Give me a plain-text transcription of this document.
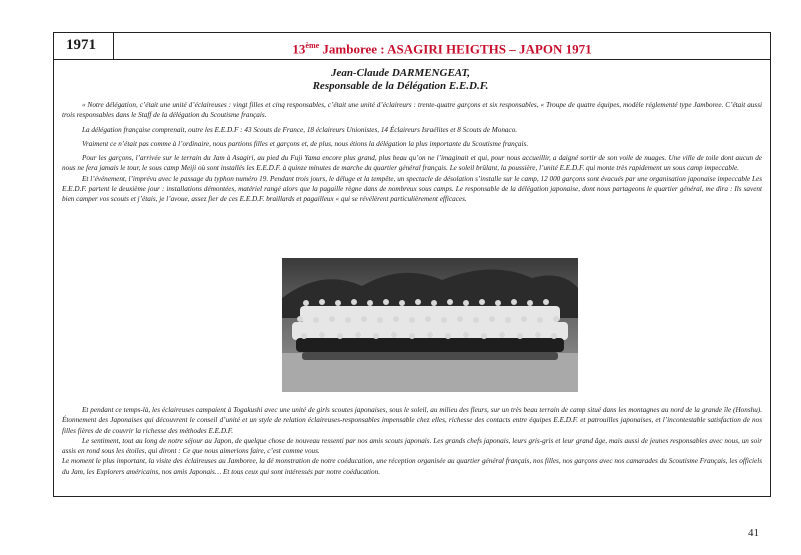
1971	13ème Jamboree : ASAGIRI HEIGTHS – JAPON 1971
Jean-Claude DARMENGEAT,
Responsable de la Délégation E.E.D.F.

« Notre délégation, c’était une unité d’éclaireuses : vingt filles et cinq responsables, c’était une unité d’éclaireurs : trente-quatre garçons et six responsables, « Troupe de quatre équipes, modèle réglementé type Jamboree. C’était aussi trois responsables dans le Staff de la délégation du Scoutisme français.

La délégation française comprenait, outre les E.E.D.F : 43 Scouts de France, 18 éclaireurs Unionistes, 14 Éclaireurs Israélites et 8 Scouts de Monaco.

Vraiment ce n’était pas comme à l’ordinaire, nous partions filles et garçons et, de plus, nous étions la délégation la plus importante du Scoutisme français.

Pour les garçons, l’arrivée sur le terrain du Jam à Asagiri, au pied du Fuji Yama encore plus grand, plus beau qu’on ne l’imaginait et qui, pour nous accueillir, a daigné sortir de son voile de nuages. Une ville de toile dont aucun de nous ne fera jamais le tour, le sous camp Meiji où sont installés les E.E.D.F. à quinze minutes de marche du quartier général français. Le soleil brûlant, la poussière, l’unité E.E.D.F. qui monte très rapidement un sous camp impeccable.

Et l’événement, l’imprévu avec le passage du typhon numéro 19. Pendant trois jours, le déluge et la tempête, un spectacle de désolation s’installe sur le camp, 12 000 garçons sont évacués par une organisation japonaise impeccable Les E.E.D.F. partent le deuxième jour : installations démontées, matériel rangé alors que la pagaille règne dans de nombreux sous camps. Le responsable de la délégation japonaise, dont nous partageons le quartier général, me dira : Ils savent bien camper vos scouts et j’étais, je l’avoue, assez fier de ces E.E.D.F. braillards et pagailleux « qui se révélèrent particulièrement efficaces.

Et pendant ce temps-là, les éclaireuses campaient à Togakushi avec une unité de girls scoutes japonaises, sous le soleil, au milieu des fleurs, sur un très beau terrain de camp situé dans les montagnes au nord de la grande île (Honshu). Étonnement des Japonaises qui découvrent le conseil d’unité et un style de relation éclaireuses-responsables impensable chez elles, richesse des contacts entre équipes E.E.D.F. et patrouilles japonaises, et l’incontestable satisfaction de nos filles fières de de couvrir la richesse des méthodes E.E.D.F.

Le sentiment, tout au long de notre séjour au Japon, de quelque chose de nouveau ressenti par nos amis scouts japonais. Les grands chefs japonais, leurs gris-gris et leur grand âge, mais aussi de jeunes responsables avec nous, un soir assis en rond sous les étoiles, qui diront : Ce que nous aimerions faire, c’est comme vous.

Le moment le plus important, la visite des éclaireuses au Jamboree, la dé monstration de notre coéducation, une réception organisée au quartier général français, nos filles, nos garçons avec nos camarades du Scoutisme Français, les officiels du Jam, les Explorers américains, nos amis Japonais… Et tous ceux qui sont intéressés par notre coéducation.

41
